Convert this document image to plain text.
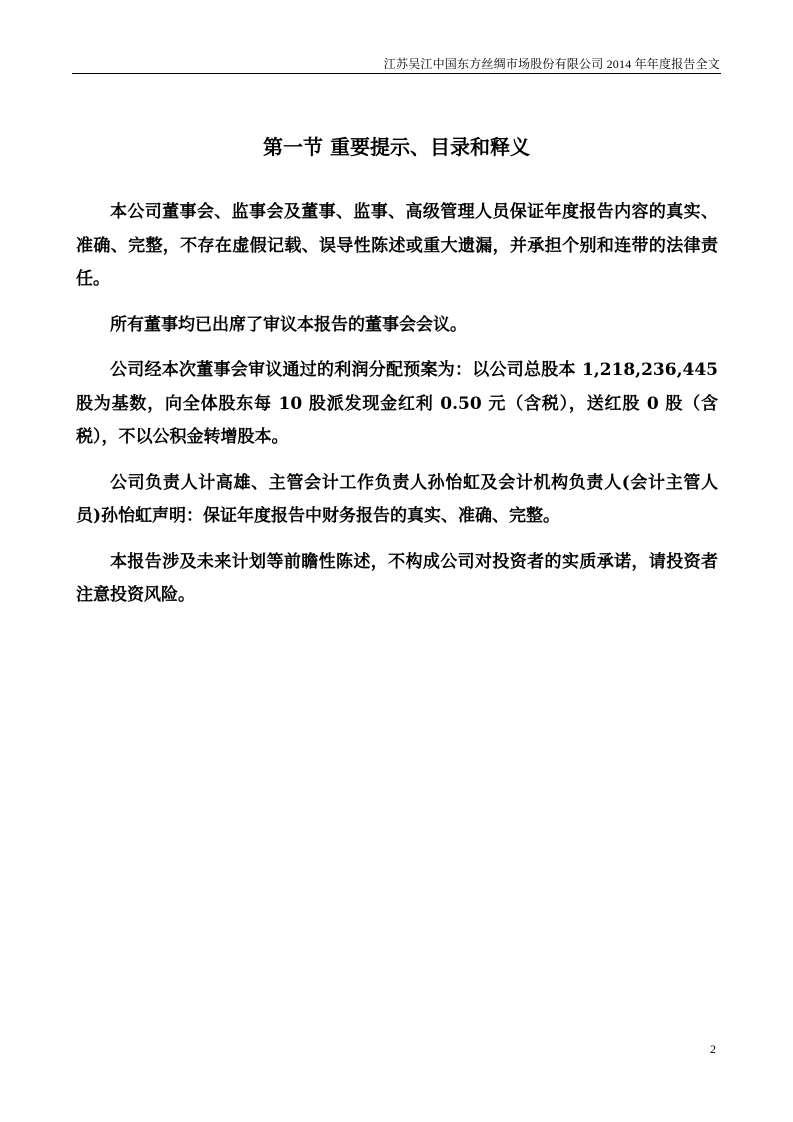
江苏吴江中国东方丝绸市场股份有限公司 2014 年年度报告全文
第一节 重要提示、目录和释义

本公司董事会、监事会及董事、监事、高级管理人员保证年度报告内容的真实、准确、完整，不存在虚假记载、误导性陈述或重大遗漏，并承担个别和连带的法律责任。

所有董事均已出席了审议本报告的董事会会议。

公司经本次董事会审议通过的利润分配预案为：以公司总股本 1,218,236,445 股为基数，向全体股东每 10 股派发现金红利 0.50 元（含税），送红股 0 股（含税），不以公积金转增股本。

公司负责人计高雄、主管会计工作负责人孙怡虹及会计机构负责人(会计主管人员)孙怡虹声明：保证年度报告中财务报告的真实、准确、完整。

本报告涉及未来计划等前瞻性陈述，不构成公司对投资者的实质承诺，请投资者注意投资风险。

2
